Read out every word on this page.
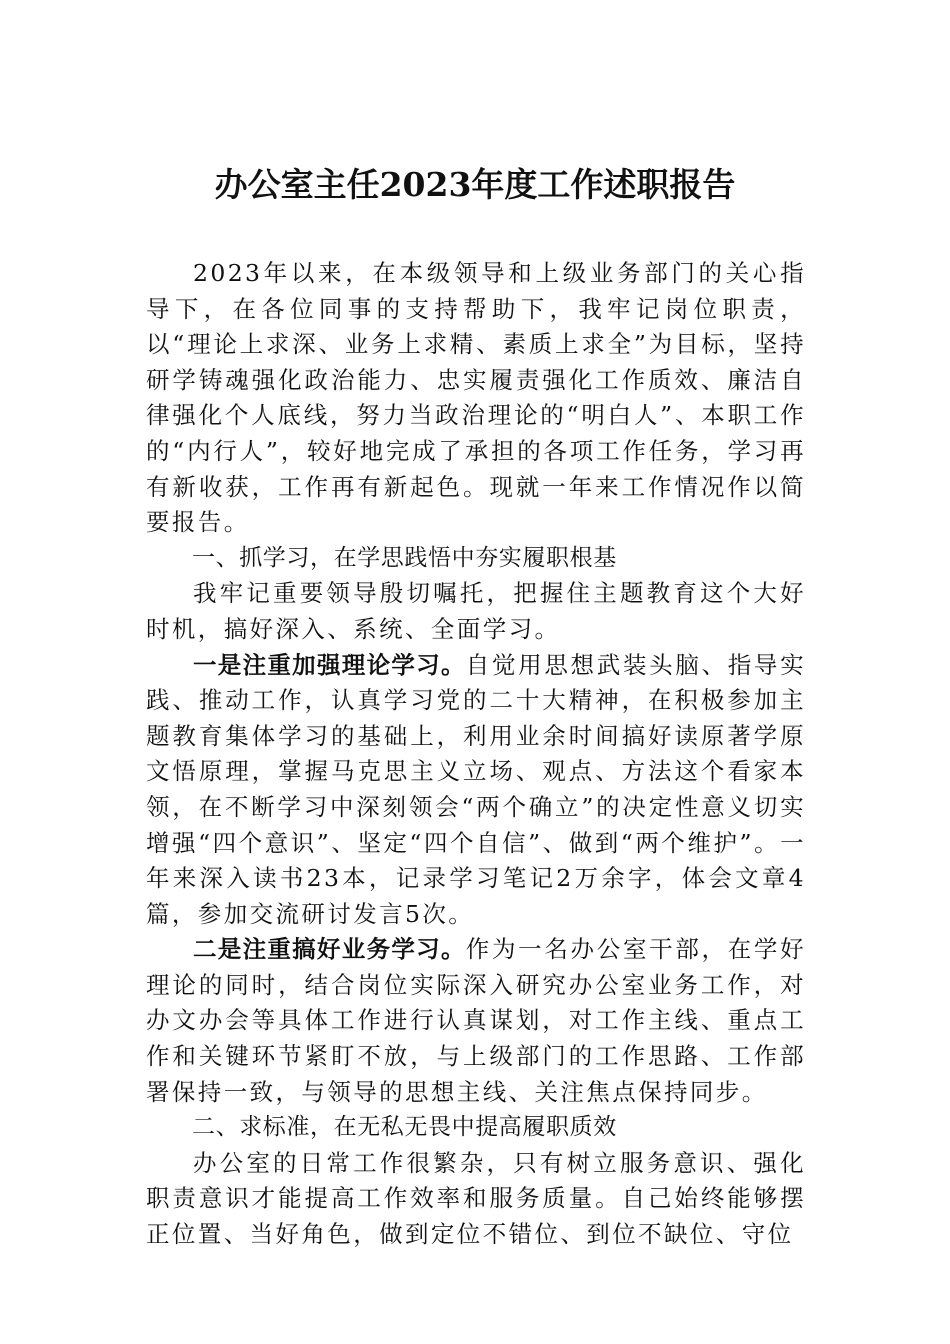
办公室主任2023年度工作述职报告

2023年以来，在本级领导和上级业务部门的关心指导下，在各位同事的支持帮助下，我牢记岗位职责，以“理论上求深、业务上求精、素质上求全”为目标，坚持研学铸魂强化政治能力、忠实履责强化工作质效、廉洁自律强化个人底线，努力当政治理论的“明白人”、本职工作的“内行人”，较好地完成了承担的各项工作任务，学习再有新收获，工作再有新起色。现就一年来工作情况作以简要报告。

一、抓学习，在学思践悟中夯实履职根基

我牢记重要领导殷切嘱托，把握住主题教育这个大好时机，搞好深入、系统、全面学习。

一是注重加强理论学习。自觉用思想武装头脑、指导实践、推动工作，认真学习党的二十大精神，在积极参加主题教育集体学习的基础上，利用业余时间搞好读原著学原文悟原理，掌握马克思主义立场、观点、方法这个看家本领，在不断学习中深刻领会“两个确立”的决定性意义切实增强“四个意识”、坚定“四个自信”、做到“两个维护”。一年来深入读书23本，记录学习笔记2万余字，体会文章4篇，参加交流研讨发言5次。

二是注重搞好业务学习。作为一名办公室干部，在学好理论的同时，结合岗位实际深入研究办公室业务工作，对办文办会等具体工作进行认真谋划，对工作主线、重点工作和关键环节紧盯不放，与上级部门的工作思路、工作部署保持一致，与领导的思想主线、关注焦点保持同步。

二、求标准，在无私无畏中提高履职质效

办公室的日常工作很繁杂，只有树立服务意识、强化职责意识才能提高工作效率和服务质量。自己始终能够摆正位置、当好角色，做到定位不错位、到位不缺位、守位
